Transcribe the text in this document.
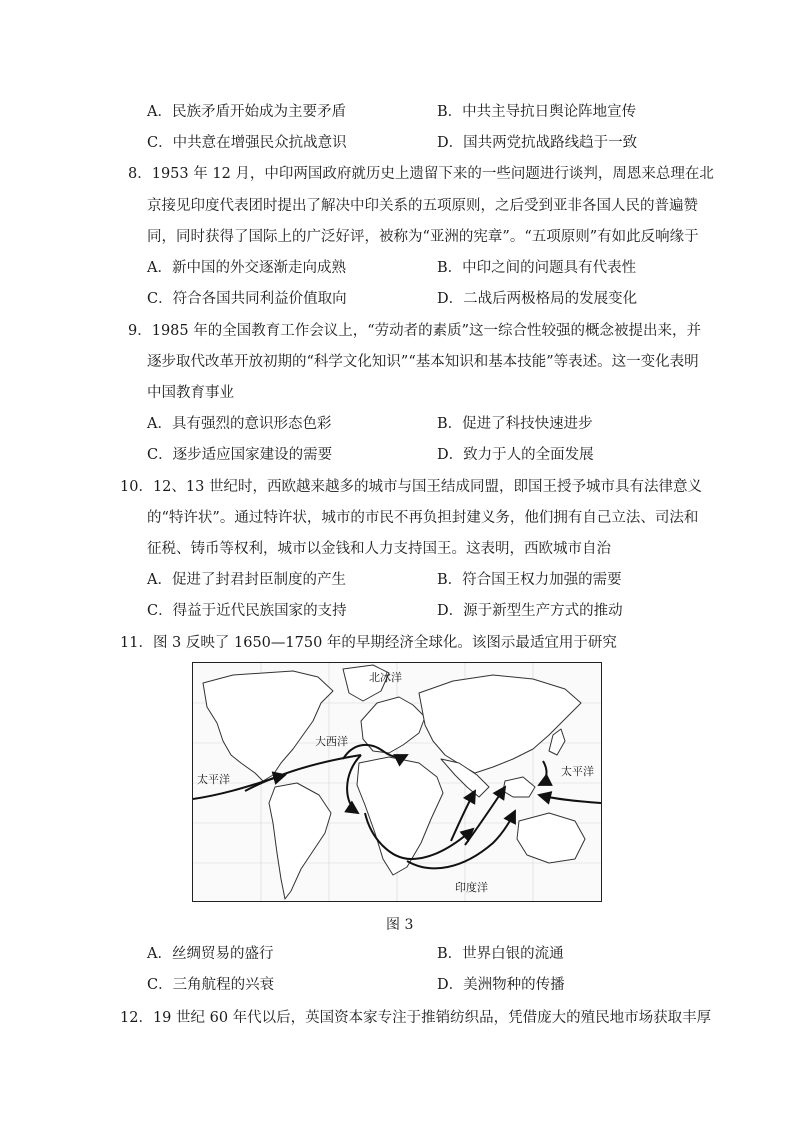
A．民族矛盾开始成为主要矛盾	B．中共主导抗日舆论阵地宣传
C．中共意在增强民众抗战意识	D．国共两党抗战路线趋于一致
8．1953 年 12 月，中印两国政府就历史上遗留下来的一些问题进行谈判，周恩来总理在北
京接见印度代表团时提出了解决中印关系的五项原则，之后受到亚非各国人民的普遍赞
同，同时获得了国际上的广泛好评，被称为“亚洲的宪章”。“五项原则”有如此反响缘于
A．新中国的外交逐渐走向成熟	B．中印之间的问题具有代表性
C．符合各国共同利益价值取向	D．二战后两极格局的发展变化
9．1985 年的全国教育工作会议上，“劳动者的素质”这一综合性较强的概念被提出来，并
逐步取代改革开放初期的“科学文化知识”“基本知识和基本技能”等表述。这一变化表明
中国教育事业
A．具有强烈的意识形态色彩	B．促进了科技快速进步
C．逐步适应国家建设的需要	D．致力于人的全面发展
10．12、13 世纪时，西欧越来越多的城市与国王结成同盟，即国王授予城市具有法律意义
的“特许状”。通过特许状，城市的市民不再负担封建义务，他们拥有自己立法、司法和
征税、铸币等权利，城市以金钱和人力支持国王。这表明，西欧城市自治
A．促进了封君封臣制度的产生	B．符合国王权力加强的需要
C．得益于近代民族国家的支持	D．源于新型生产方式的推动
11．图 3 反映了 1650—1750 年的早期经济全球化。该图示最适宜用于研究
北冰洋
大西洋
太平洋
太平洋
印度洋
图 3
A．丝绸贸易的盛行	B．世界白银的流通
C．三角航程的兴衰	D．美洲物种的传播
12．19 世纪 60 年代以后，英国资本家专注于推销纺织品，凭借庞大的殖民地市场获取丰厚
